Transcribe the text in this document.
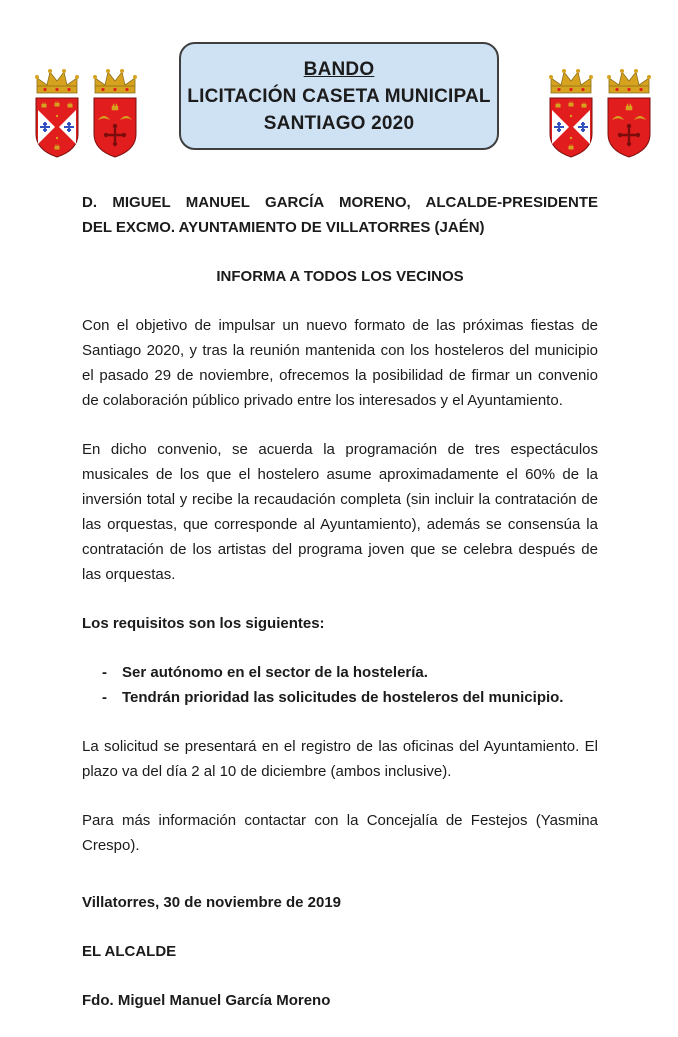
BANDO
LICITACIÓN CASETA MUNICIPAL
SANTIAGO 2020
D. MIGUEL MANUEL GARCÍA MORENO, ALCALDE-PRESIDENTE
DEL EXCMO. AYUNTAMIENTO DE VILLATORRES (JAÉN)

INFORMA A TODOS LOS VECINOS

Con el objetivo de impulsar un nuevo formato de las próximas fiestas de Santiago 2020, y tras la reunión mantenida con los hosteleros del municipio el pasado 29 de noviembre, ofrecemos la posibilidad de firmar un convenio de colaboración público privado entre los interesados y el Ayuntamiento.

En dicho convenio, se acuerda la programación de tres espectáculos musicales de los que el hostelero asume aproximadamente el 60% de la inversión total y recibe la recaudación completa (sin incluir la contratación de las orquestas, que corresponde al Ayuntamiento), además se consensúa la contratación de los artistas del programa joven que se celebra después de las orquestas.

Los requisitos son los siguientes:

-	Ser autónomo en el sector de la hostelería.
-	Tendrán prioridad las solicitudes de hosteleros del municipio.

La solicitud se presentará en el registro de las oficinas del Ayuntamiento. El plazo va del día 2 al 10 de diciembre (ambos inclusive).

Para más información contactar con la Concejalía de Festejos (Yasmina Crespo).

Villatorres, 30 de noviembre de 2019

EL ALCALDE

Fdo. Miguel Manuel García Moreno
